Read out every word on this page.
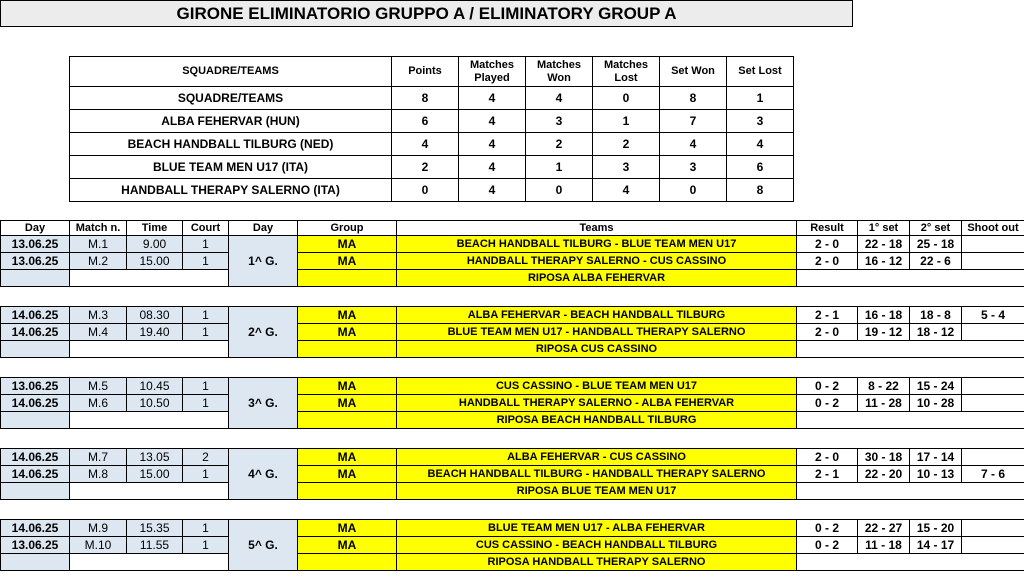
GIRONE ELIMINATORIO GRUPPO A / ELIMINATORY GROUP A
SQUADRE/TEAMS	Points	Matches Played	Matches Won	Matches Lost	Set Won	Set Lost
SQUADRE/TEAMS	8	4	4	0	8	1
ALBA FEHERVAR (HUN)	6	4	3	1	7	3
BEACH HANDBALL TILBURG (NED)	4	4	2	2	4	4
BLUE TEAM MEN U17 (ITA)	2	4	1	3	3	6
HANDBALL THERAPY SALERNO (ITA)	0	4	0	4	0	8
Day	Match n.	Time	Court	Day	Group	Teams	Result	1° set	2° set	Shoot out
13.06.25	M.1	9.00	1	1^ G.	MA	BEACH HANDBALL TILBURG - BLUE TEAM MEN U17	2 - 0	22 - 18	25 - 18	
13.06.25	M.2	15.00	1		MA	HANDBALL THERAPY SALERNO - CUS CASSINO	2 - 0	16 - 12	22 - 6	
						RIPOSA ALBA FEHERVAR				

14.06.25	M.3	08.30	1	2^ G.	MA	ALBA FEHERVAR - BEACH HANDBALL TILBURG	2 - 1	16 - 18	18 - 8	5 - 4
14.06.25	M.4	19.40	1		MA	BLUE TEAM MEN U17 - HANDBALL THERAPY SALERNO	2 - 0	19 - 12	18 - 12	
						RIPOSA CUS CASSINO				

13.06.25	M.5	10.45	1	3^ G.	MA	CUS CASSINO - BLUE TEAM MEN U17	0 - 2	8 - 22	15 - 24	
14.06.25	M.6	10.50	1		MA	HANDBALL THERAPY SALERNO - ALBA FEHERVAR	0 - 2	11 - 28	10 - 28	
						RIPOSA BEACH HANDBALL TILBURG				

14.06.25	M.7	13.05	2	4^ G.	MA	ALBA FEHERVAR - CUS CASSINO	2 - 0	30 - 18	17 - 14	
14.06.25	M.8	15.00	1		MA	BEACH HANDBALL TILBURG - HANDBALL THERAPY SALERNO	2 - 1	22 - 20	10 - 13	7 - 6
						RIPOSA BLUE TEAM MEN U17				

14.06.25	M.9	15.35	1	5^ G.	MA	BLUE TEAM MEN U17 - ALBA FEHERVAR	0 - 2	22 - 27	15 - 20	
13.06.25	M.10	11.55	1		MA	CUS CASSINO - BEACH HANDBALL TILBURG	0 - 2	11 - 18	14 - 17	
						RIPOSA HANDBALL THERAPY SALERNO				
